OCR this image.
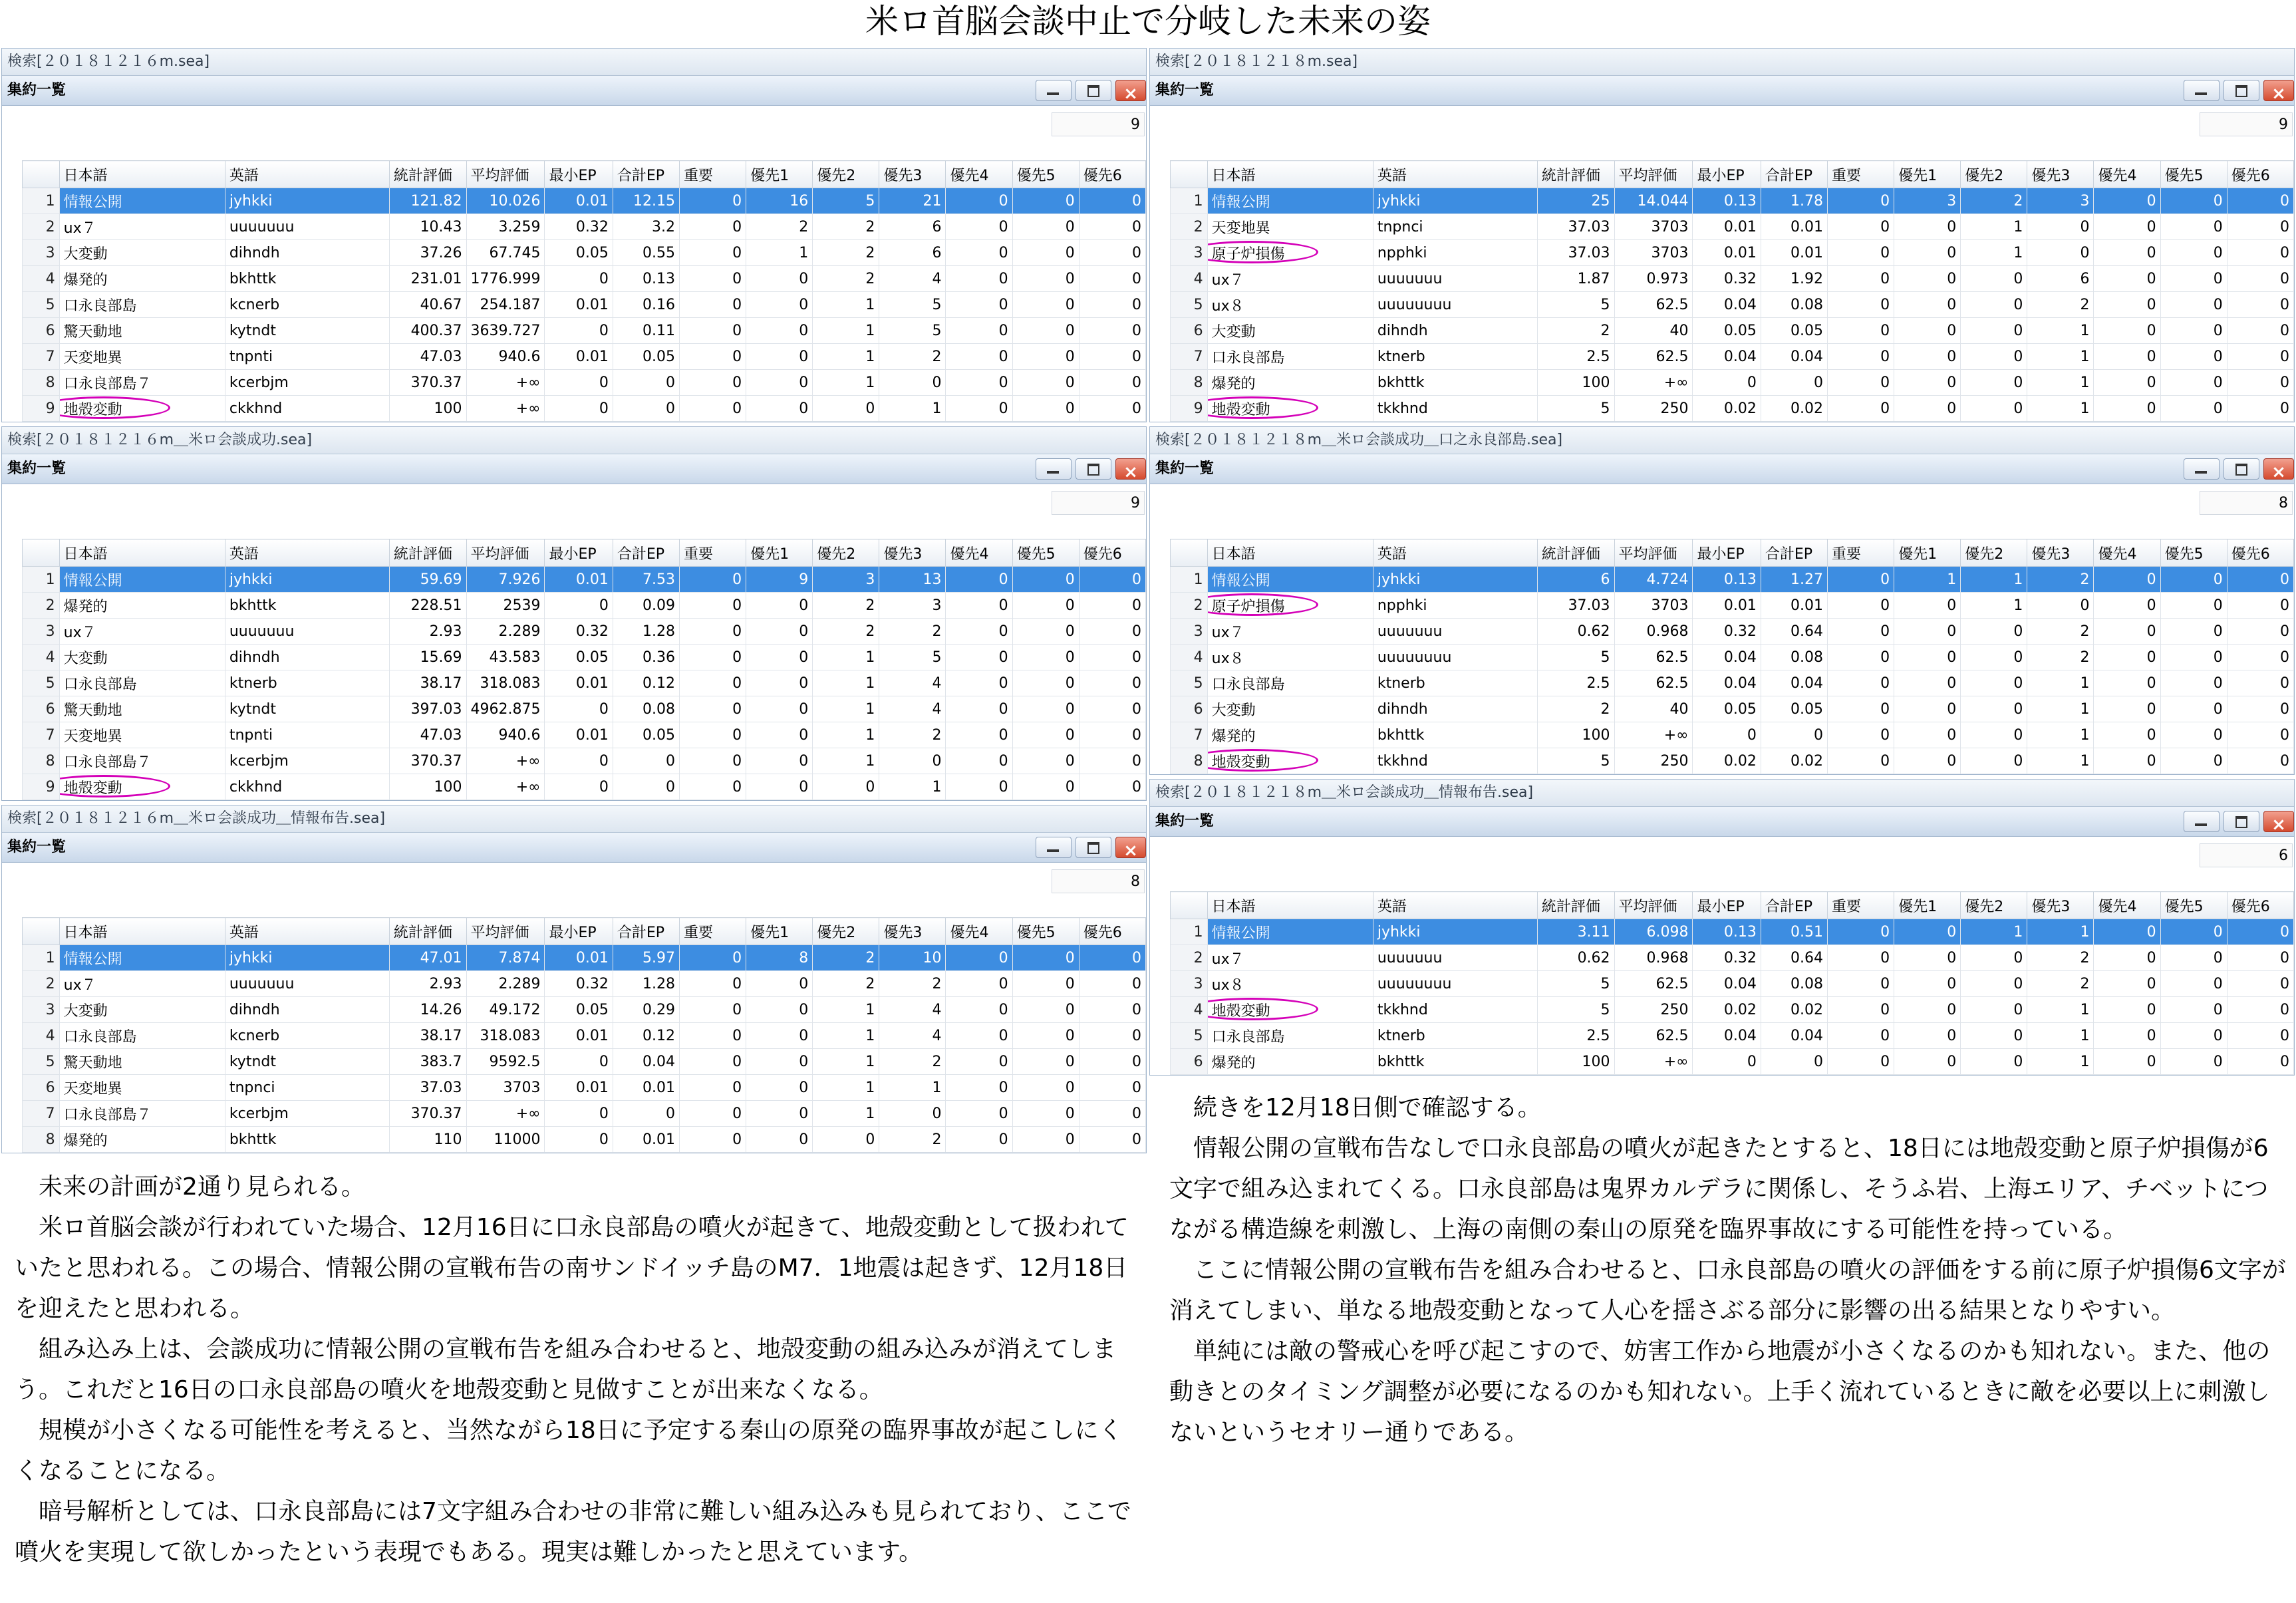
米ロ首脳会談中止で分岐した未来の姿
検索[２０１８１２１６m.sea]
集約一覧	×
9
	日本語	英語	統計評価	平均評価	最小EP	合計EP	重要	優先1	優先2	優先3	優先4	優先5	優先6
1	情報公開	jyhkki	121.82	10.026	0.01	12.15	0	16	5	21	0	0	0
2	ux７	uuuuuuu	10.43	3.259	0.32	3.2	0	2	2	6	0	0	0
3	大変動	dihndh	37.26	67.745	0.05	0.55	0	1	2	6	0	0	0
4	爆発的	bkhttk	231.01	1776.999	0	0.13	0	0	2	4	0	0	0
5	口永良部島	kcnerb	40.67	254.187	0.01	0.16	0	0	1	5	0	0	0
6	驚天動地	kytndt	400.37	3639.727	0	0.11	0	0	1	5	0	0	0
7	天変地異	tnpnti	47.03	940.6	0.01	0.05	0	0	1	2	0	0	0
8	口永良部島７	kcerbjm	370.37	+∞	0	0	0	0	1	0	0	0	0
9	地殻変動	ckkhnd	100	+∞	0	0	0	0	0	1	0	0	0
検索[２０１８１２１６m＿米ロ会談成功.sea]
集約一覧	×
9
	日本語	英語	統計評価	平均評価	最小EP	合計EP	重要	優先1	優先2	優先3	優先4	優先5	優先6
1	情報公開	jyhkki	59.69	7.926	0.01	7.53	0	9	3	13	0	0	0
2	爆発的	bkhttk	228.51	2539	0	0.09	0	0	2	3	0	0	0
3	ux７	uuuuuuu	2.93	2.289	0.32	1.28	0	0	2	2	0	0	0
4	大変動	dihndh	15.69	43.583	0.05	0.36	0	0	1	5	0	0	0
5	口永良部島	ktnerb	38.17	318.083	0.01	0.12	0	0	1	4	0	0	0
6	驚天動地	kytndt	397.03	4962.875	0	0.08	0	0	1	4	0	0	0
7	天変地異	tnpnti	47.03	940.6	0.01	0.05	0	0	1	2	0	0	0
8	口永良部島７	kcerbjm	370.37	+∞	0	0	0	0	1	0	0	0	0
9	地殻変動	ckkhnd	100	+∞	0	0	0	0	0	1	0	0	0
検索[２０１８１２１６m＿米ロ会談成功＿情報布告.sea]
集約一覧	×
8
	日本語	英語	統計評価	平均評価	最小EP	合計EP	重要	優先1	優先2	優先3	優先4	優先5	優先6
1	情報公開	jyhkki	47.01	7.874	0.01	5.97	0	8	2	10	0	0	0
2	ux７	uuuuuuu	2.93	2.289	0.32	1.28	0	0	2	2	0	0	0
3	大変動	dihndh	14.26	49.172	0.05	0.29	0	0	1	4	0	0	0
4	口永良部島	kcnerb	38.17	318.083	0.01	0.12	0	0	1	4	0	0	0
5	驚天動地	kytndt	383.7	9592.5	0	0.04	0	0	1	2	0	0	0
6	天変地異	tnpnci	37.03	3703	0.01	0.01	0	0	1	1	0	0	0
7	口永良部島７	kcerbjm	370.37	+∞	0	0	0	0	1	0	0	0	0
8	爆発的	bkhttk	110	11000	0	0.01	0	0	0	2	0	0	0

未来の計画が2通り見られる。

米ロ首脳会談が行われていた場合、12月16日に口永良部島の噴火が起きて、地殻変動として扱われていたと思われる。この場合、情報公開の宣戦布告の南サンドイッチ島のM7．1地震は起きず、12月18日を迎えたと思われる。

組み込み上は、会談成功に情報公開の宣戦布告を組み合わせると、地殻変動の組み込みが消えてしまう。これだと16日の口永良部島の噴火を地殻変動と見做すことが出来なくなる。

規模が小さくなる可能性を考えると、当然ながら18日に予定する秦山の原発の臨界事故が起こしにくくなることになる。

暗号解析としては、口永良部島には7文字組み合わせの非常に難しい組み込みも見られており、ここで噴火を実現して欲しかったという表現でもある。現実は難しかったと思えています。

検索[２０１８１２１８m.sea]
集約一覧	×
9
	日本語	英語	統計評価	平均評価	最小EP	合計EP	重要	優先1	優先2	優先3	優先4	優先5	優先6
1	情報公開	jyhkki	25	14.044	0.13	1.78	0	3	2	3	0	0	0
2	天変地異	tnpnci	37.03	3703	0.01	0.01	0	0	1	0	0	0	0
3	原子炉損傷	npphki	37.03	3703	0.01	0.01	0	0	1	0	0	0	0
4	ux７	uuuuuuu	1.87	0.973	0.32	1.92	0	0	0	6	0	0	0
5	ux８	uuuuuuuu	5	62.5	0.04	0.08	0	0	0	2	0	0	0
6	大変動	dihndh	2	40	0.05	0.05	0	0	0	1	0	0	0
7	口永良部島	ktnerb	2.5	62.5	0.04	0.04	0	0	0	1	0	0	0
8	爆発的	bkhttk	100	+∞	0	0	0	0	0	1	0	0	0
9	地殻変動	tkkhnd	5	250	0.02	0.02	0	0	0	1	0	0	0
検索[２０１８１２１８m＿米ロ会談成功＿口之永良部島.sea]
集約一覧	×
8
	日本語	英語	統計評価	平均評価	最小EP	合計EP	重要	優先1	優先2	優先3	優先4	優先5	優先6
1	情報公開	jyhkki	6	4.724	0.13	1.27	0	1	1	2	0	0	0
2	原子炉損傷	npphki	37.03	3703	0.01	0.01	0	0	1	0	0	0	0
3	ux７	uuuuuuu	0.62	0.968	0.32	0.64	0	0	0	2	0	0	0
4	ux８	uuuuuuuu	5	62.5	0.04	0.08	0	0	0	2	0	0	0
5	口永良部島	ktnerb	2.5	62.5	0.04	0.04	0	0	0	1	0	0	0
6	大変動	dihndh	2	40	0.05	0.05	0	0	0	1	0	0	0
7	爆発的	bkhttk	100	+∞	0	0	0	0	0	1	0	0	0
8	地殻変動	tkkhnd	5	250	0.02	0.02	0	0	0	1	0	0	0
検索[２０１８１２１８m＿米ロ会談成功＿情報布告.sea]
集約一覧	×
6
	日本語	英語	統計評価	平均評価	最小EP	合計EP	重要	優先1	優先2	優先3	優先4	優先5	優先6
1	情報公開	jyhkki	3.11	6.098	0.13	0.51	0	0	1	1	0	0	0
2	ux７	uuuuuuu	0.62	0.968	0.32	0.64	0	0	0	2	0	0	0
3	ux８	uuuuuuuu	5	62.5	0.04	0.08	0	0	0	2	0	0	0
4	地殻変動	tkkhnd	5	250	0.02	0.02	0	0	0	1	0	0	0
5	口永良部島	ktnerb	2.5	62.5	0.04	0.04	0	0	0	1	0	0	0
6	爆発的	bkhttk	100	+∞	0	0	0	0	0	1	0	0	0

続きを12月18日側で確認する。

情報公開の宣戦布告なしで口永良部島の噴火が起きたとすると、18日には地殻変動と原子炉損傷が6文字で組み込まれてくる。口永良部島は鬼界カルデラに関係し、そうふ岩、上海エリア、チベットにつながる構造線を刺激し、上海の南側の秦山の原発を臨界事故にする可能性を持っている。

ここに情報公開の宣戦布告を組み合わせると、口永良部島の噴火の評価をする前に原子炉損傷6文字が消えてしまい、単なる地殻変動となって人心を揺さぶる部分に影響の出る結果となりやすい。

単純には敵の警戒心を呼び起こすので、妨害工作から地震が小さくなるのかも知れない。また、他の動きとのタイミング調整が必要になるのかも知れない。上手く流れているときに敵を必要以上に刺激しないというセオリー通りである。
